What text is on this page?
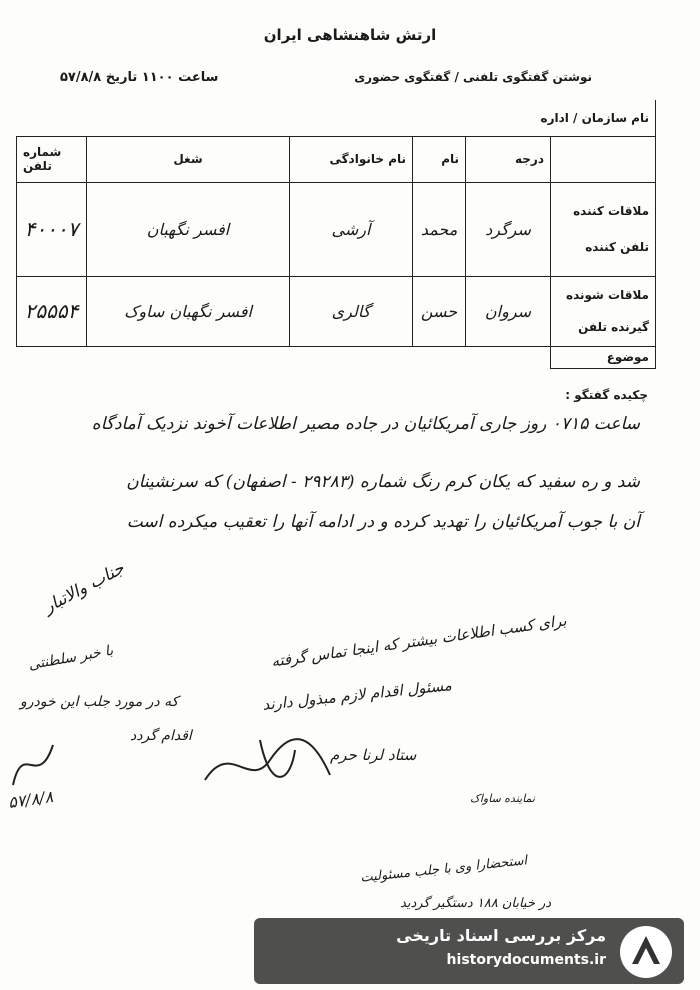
ارتش شاهنشاهی ایران
نوشتن گفتگوی تلفنی / گفتگوی حضوری
ساعت ۱۱۰۰ تاریخ ۵۷/۸/۸
نام سازمان / اداره					
	درجه	نام	نام خانوادگی	شغل	شماره تلفن

ملاقات کننده
تلفن کننده	سرگرد	محمد	آرشی	افسر نگهبان	۴۰۰۰۷

ملاقات شونده
گیرنده تلفن	سروان	حسن	گالری	افسر نگهبان ساوک	۲۵۵۵۴
موضوع					
چکیده گفتگو :
ساعت ۰۷۱۵ روز جاری آمریکائیان در جاده مصیر اطلاعات آخوند نزدیک آمادگاه
شد و ره سفید که یکان کرم رنگ شماره (۲۹۲۸۳ - اصفهان) که سرنشینان
آن با جوب آمریکائیان را تهدید کرده و در ادامه آنها را تعقیب میکرده است
جناب والاتبار
با خبر سلطنتی
که در مورد جلب این خودرو
اقدام گردد
۵۷/۸/۸
برای کسب اطلاعات بیشتر که اینجا تماس گرفته
مسئول اقدام لازم مبذول دارند
ستاد لرنا حرم
نماینده ساواک
استحضارا وی با جلب مسئولیت
در خیابان ۱۸۸ دستگیر گردید
مرکز بررسی اسناد تاریخی
historydocuments.ir
